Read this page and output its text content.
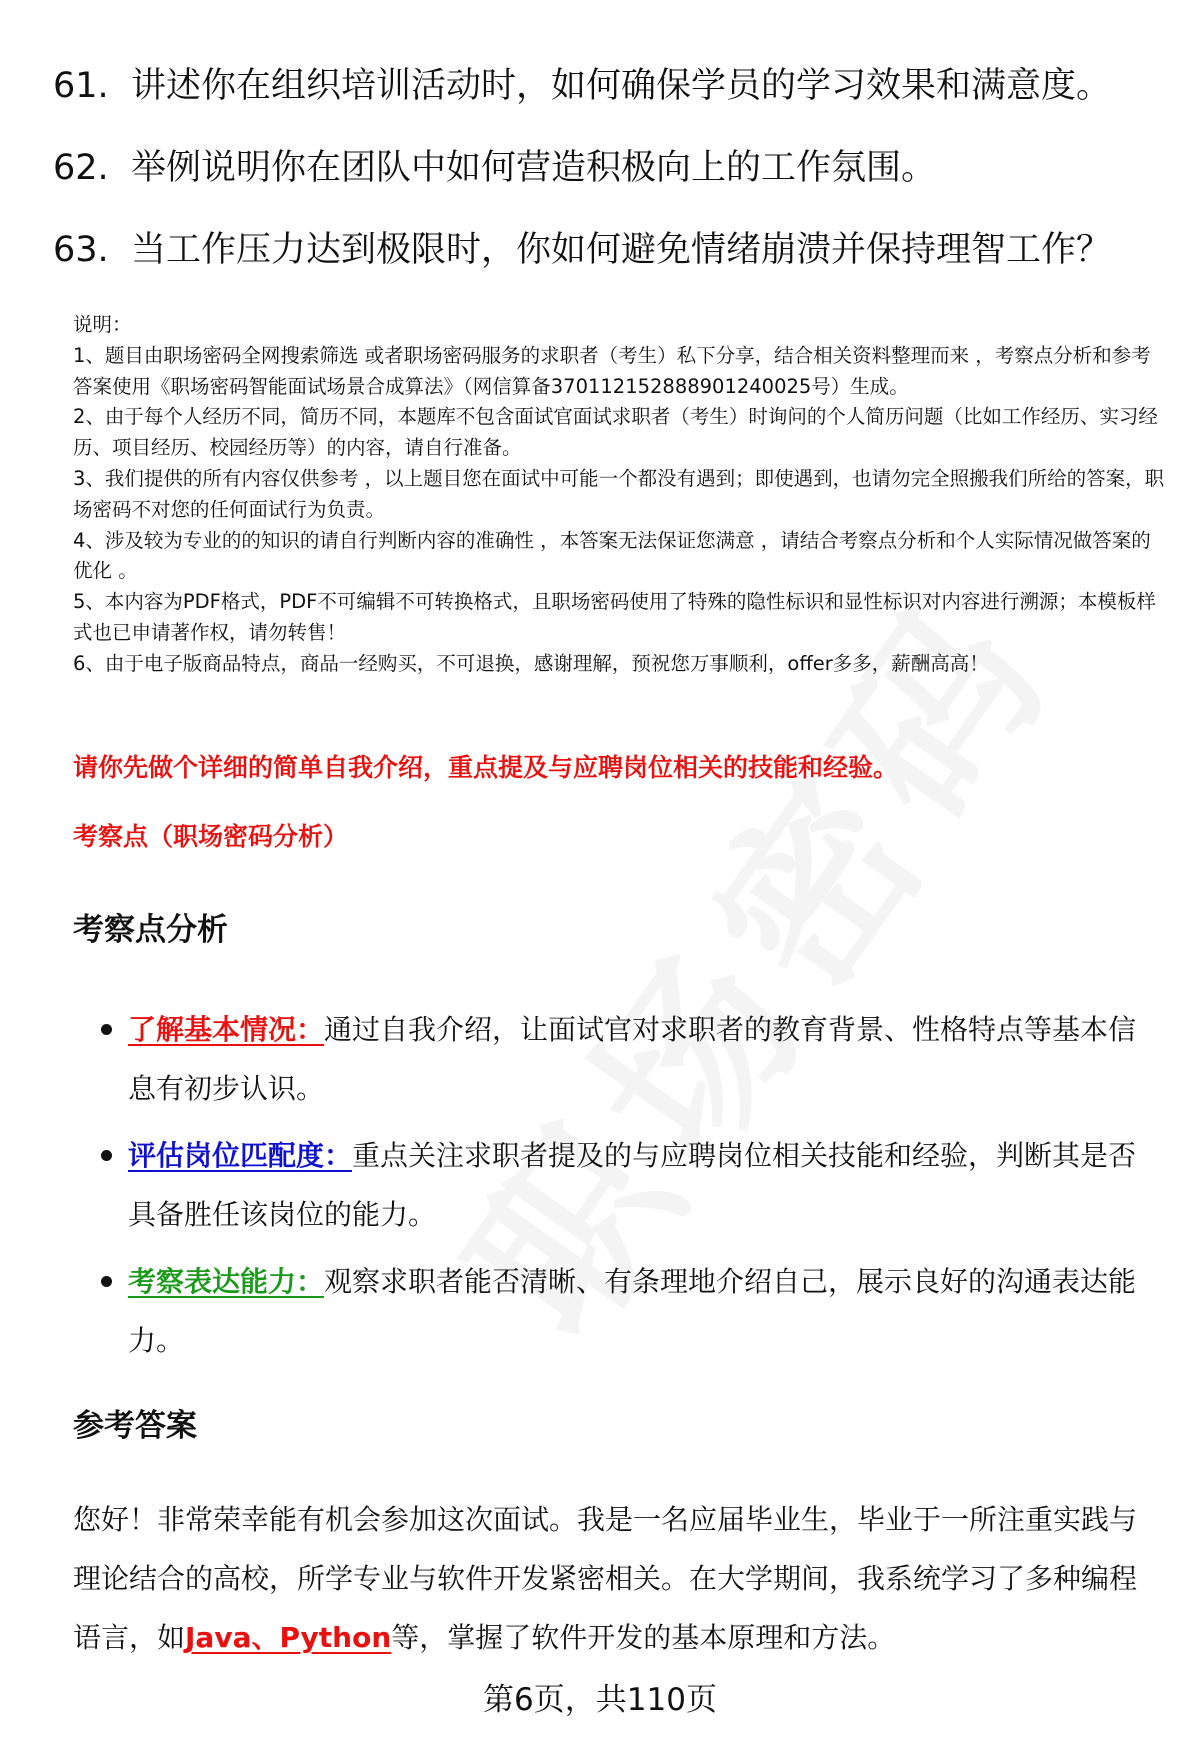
61. 讲述你在组织培训活动时，如何确保学员的学习效果和满意度。
62. 举例说明你在团队中如何营造积极向上的工作氛围。
63. 当工作压力达到极限时，你如何避免情绪崩溃并保持理智工作？
说明：
1、题目由职场密码全网搜索筛选 或者职场密码服务的求职者（考生）私下分享，结合相关资料整理而来 ，考察点分析和参考答案使用《职场密码智能面试场景合成算法》（网信算备370112152888901240025号）生成。
2、由于每个人经历不同，简历不同，本题库不包含面试官面试求职者（考生）时询问的个人简历问题（比如工作经历、实习经历、项目经历、校园经历等）的内容，请自行准备。
3、我们提供的所有内容仅供参考 ，以上题目您在面试中可能一个都没有遇到；即使遇到，也请勿完全照搬我们所给的答案，职场密码不对您的任何面试行为负责。
4、涉及较为专业的的知识的请自行判断内容的准确性 ，本答案无法保证您满意 ，请结合考察点分析和个人实际情况做答案的优化 。
5、本内容为PDF格式，PDF不可编辑不可转换格式，且职场密码使用了特殊的隐性标识和显性标识对内容进行溯源；本模板样式也已申请著作权，请勿转售！
6、由于电子版商品特点，商品一经购买，不可退换，感谢理解，预祝您万事顺利，offer多多，薪酬高高！
请你先做个详细的简单自我介绍，重点提及与应聘岗位相关的技能和经验。
考察点（职场密码分析）
考察点分析
了解基本情况：通过自我介绍，让面试官对求职者的教育背景、性格特点等基本信息有初步认识。
评估岗位匹配度：重点关注求职者提及的与应聘岗位相关技能和经验，判断其是否具备胜任该岗位的能力。
考察表达能力：观察求职者能否清晰、有条理地介绍自己，展示良好的沟通表达能力。
参考答案
您好！非常荣幸能有机会参加这次面试。我是一名应届毕业生，毕业于一所注重实践与理论结合的高校，所学专业与软件开发紧密相关。在大学期间，我系统学习了多种编程语言，如Java、Python等，掌握了软件开发的基本原理和方法。
第6页，共110页
